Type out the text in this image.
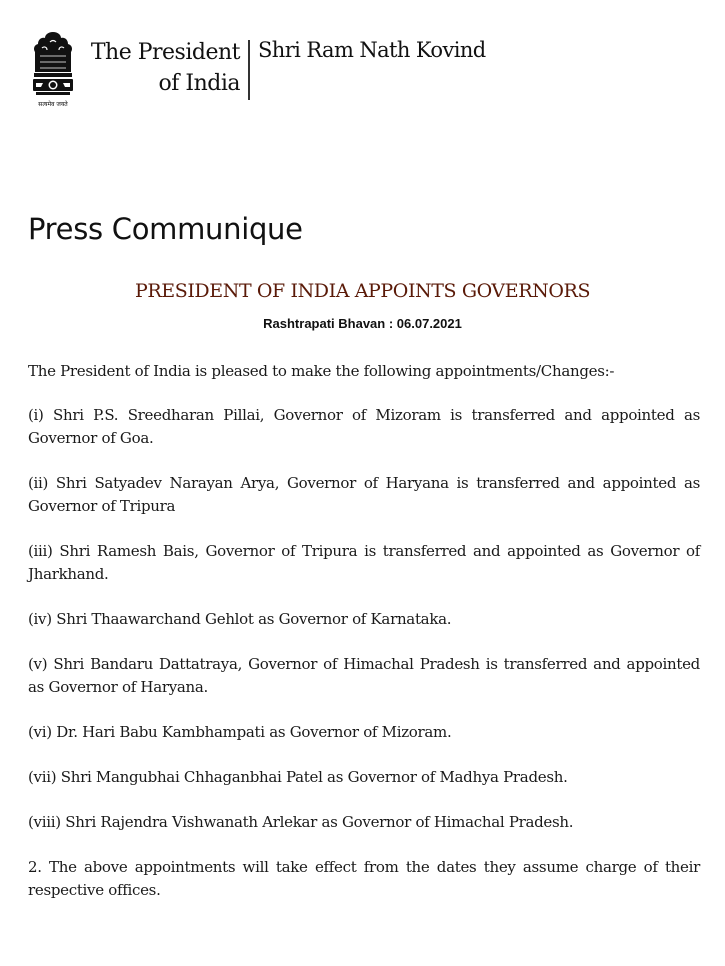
सत्यमेव जयते
The President
of India
Shri Ram Nath Kovind
Press Communique
PRESIDENT OF INDIA APPOINTS GOVERNORS
Rashtrapati Bhavan : 06.07.2021

The President of India is pleased to make the following appointments/Changes:-

(i) Shri P.S. Sreedharan Pillai, Governor of Mizoram is transferred and appointed as Governor of Goa.

(ii) Shri Satyadev Narayan Arya, Governor of Haryana is transferred and appointed as Governor of Tripura

(iii) Shri Ramesh Bais, Governor of Tripura is transferred and appointed as Governor of Jharkhand.

(iv) Shri Thaawarchand Gehlot as Governor of Karnataka.

(v) Shri Bandaru Dattatraya, Governor of Himachal Pradesh is transferred and appointed as Governor of Haryana.

(vi) Dr. Hari Babu Kambhampati as Governor of Mizoram.

(vii) Shri Mangubhai Chhaganbhai Patel as Governor of Madhya Pradesh.

(viii) Shri Rajendra Vishwanath Arlekar as Governor of Himachal Pradesh.

2. The above appointments will take effect from the dates they assume charge of their respective offices.
